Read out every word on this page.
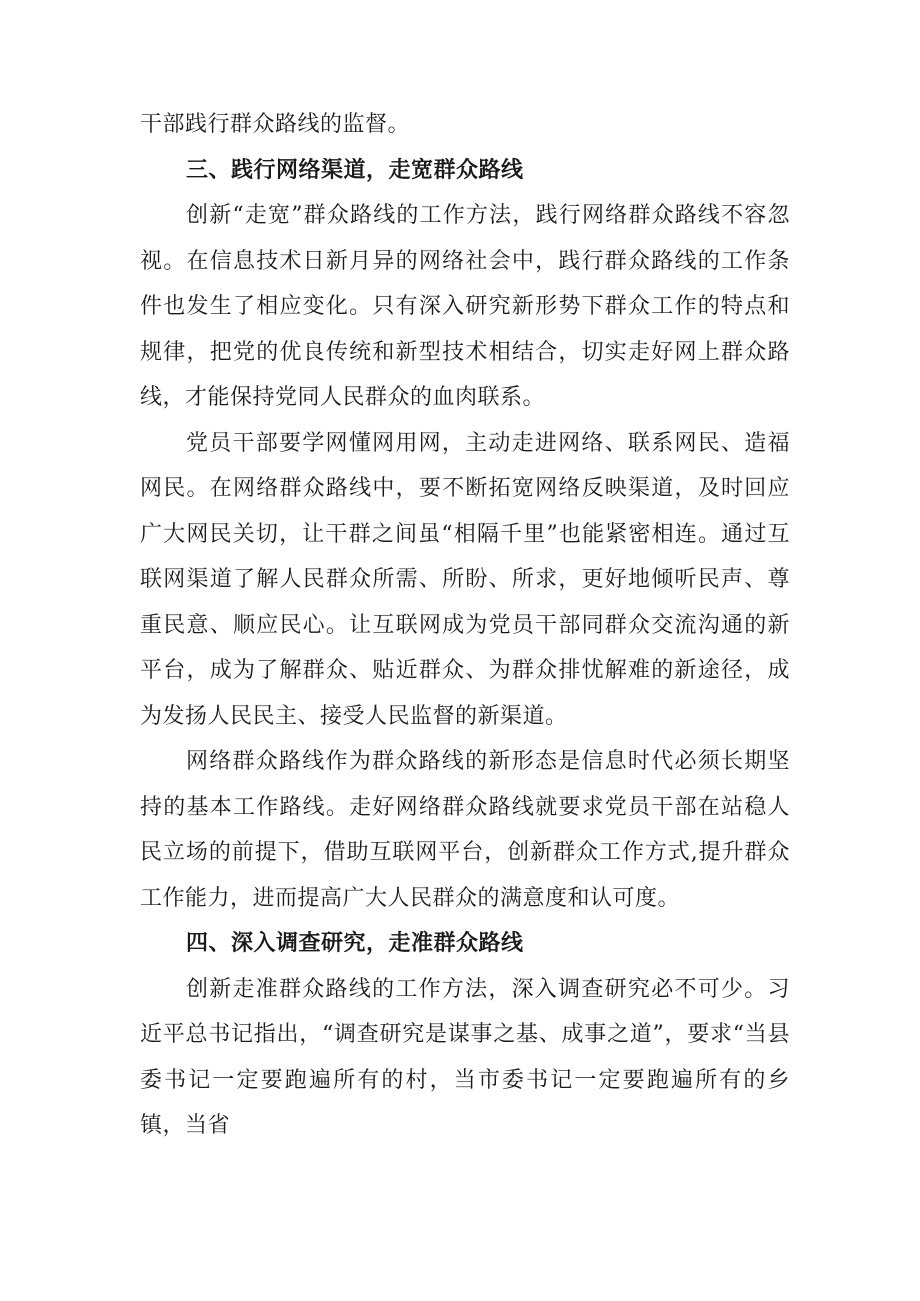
干部践行群众路线的监督。

三、践行网络渠道，走宽群众路线

创新“走宽”群众路线的工作方法，践行网络群众路线不容忽视。在信息技术日新月异的网络社会中，践行群众路线的工作条件也发生了相应变化。只有深入研究新形势下群众工作的特点和规律，把党的优良传统和新型技术相结合，切实走好网上群众路线，才能保持党同人民群众的血肉联系。

党员干部要学网懂网用网，主动走进网络、联系网民、造福网民。在网络群众路线中，要不断拓宽网络反映渠道，及时回应广大网民关切，让干群之间虽“相隔千里”也能紧密相连。通过互联网渠道了解人民群众所需、所盼、所求，更好地倾听民声、尊重民意、顺应民心。让互联网成为党员干部同群众交流沟通的新平台，成为了解群众、贴近群众、为群众排忧解难的新途径，成为发扬人民民主、接受人民监督的新渠道。

网络群众路线作为群众路线的新形态是信息时代必须长期坚持的基本工作路线。走好网络群众路线就要求党员干部在站稳人民立场的前提下，借助互联网平台，创新群众工作方式,提升群众工作能力，进而提高广大人民群众的满意度和认可度。

四、深入调查研究，走准群众路线

创新走准群众路线的工作方法，深入调查研究必不可少。习近平总书记指出，“调查研究是谋事之基、成事之道”，要求“当县委书记一定要跑遍所有的村，当市委书记一定要跑遍所有的乡镇，当省
